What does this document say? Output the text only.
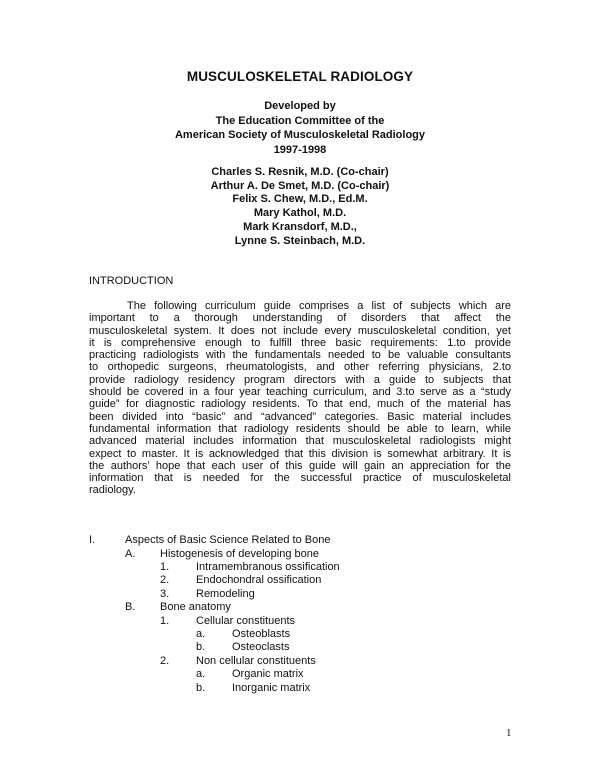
MUSCULOSKELETAL RADIOLOGY
Developed by
The Education Committee of the
American Society of Musculoskeletal Radiology
1997-1998
Charles S. Resnik, M.D. (Co-chair)
Arthur A. De Smet, M.D. (Co-chair)
Felix S. Chew, M.D., Ed.M.
Mary Kathol, M.D.
Mark Kransdorf, M.D.,
Lynne S. Steinbach, M.D.
INTRODUCTION
The following curriculum guide comprises a list of subjects which are
important to a thorough understanding of disorders that affect the
musculoskeletal system. It does not include every musculoskeletal condition, yet
it is comprehensive enough to fulfill three basic requirements: 1.to provide
practicing radiologists with the fundamentals needed to be valuable consultants
to orthopedic surgeons, rheumatologists, and other referring physicians, 2.to
provide radiology residency program directors with a guide to subjects that
should be covered in a four year teaching curriculum, and 3.to serve as a “study
guide” for diagnostic radiology residents. To that end, much of the material has
been divided into “basic” and “advanced” categories. Basic material includes
fundamental information that radiology residents should be able to learn, while
advanced material includes information that musculoskeletal radiologists might
expect to master. It is acknowledged that this division is somewhat arbitrary. It is
the authors’ hope that each user of this guide will gain an appreciation for the
information that is needed for the successful practice of musculoskeletal
radiology.
I.	Aspects of Basic Science Related to Bone
A. Histogenesis of developing bone
1. Intramembranous ossification
2. Endochondral ossification
3. Remodeling
B. Bone anatomy
1. Cellular constituents
a. Osteoblasts
b. Osteoclasts
2. Non cellular constituents
a. Organic matrix
b. Inorganic matrix
1
